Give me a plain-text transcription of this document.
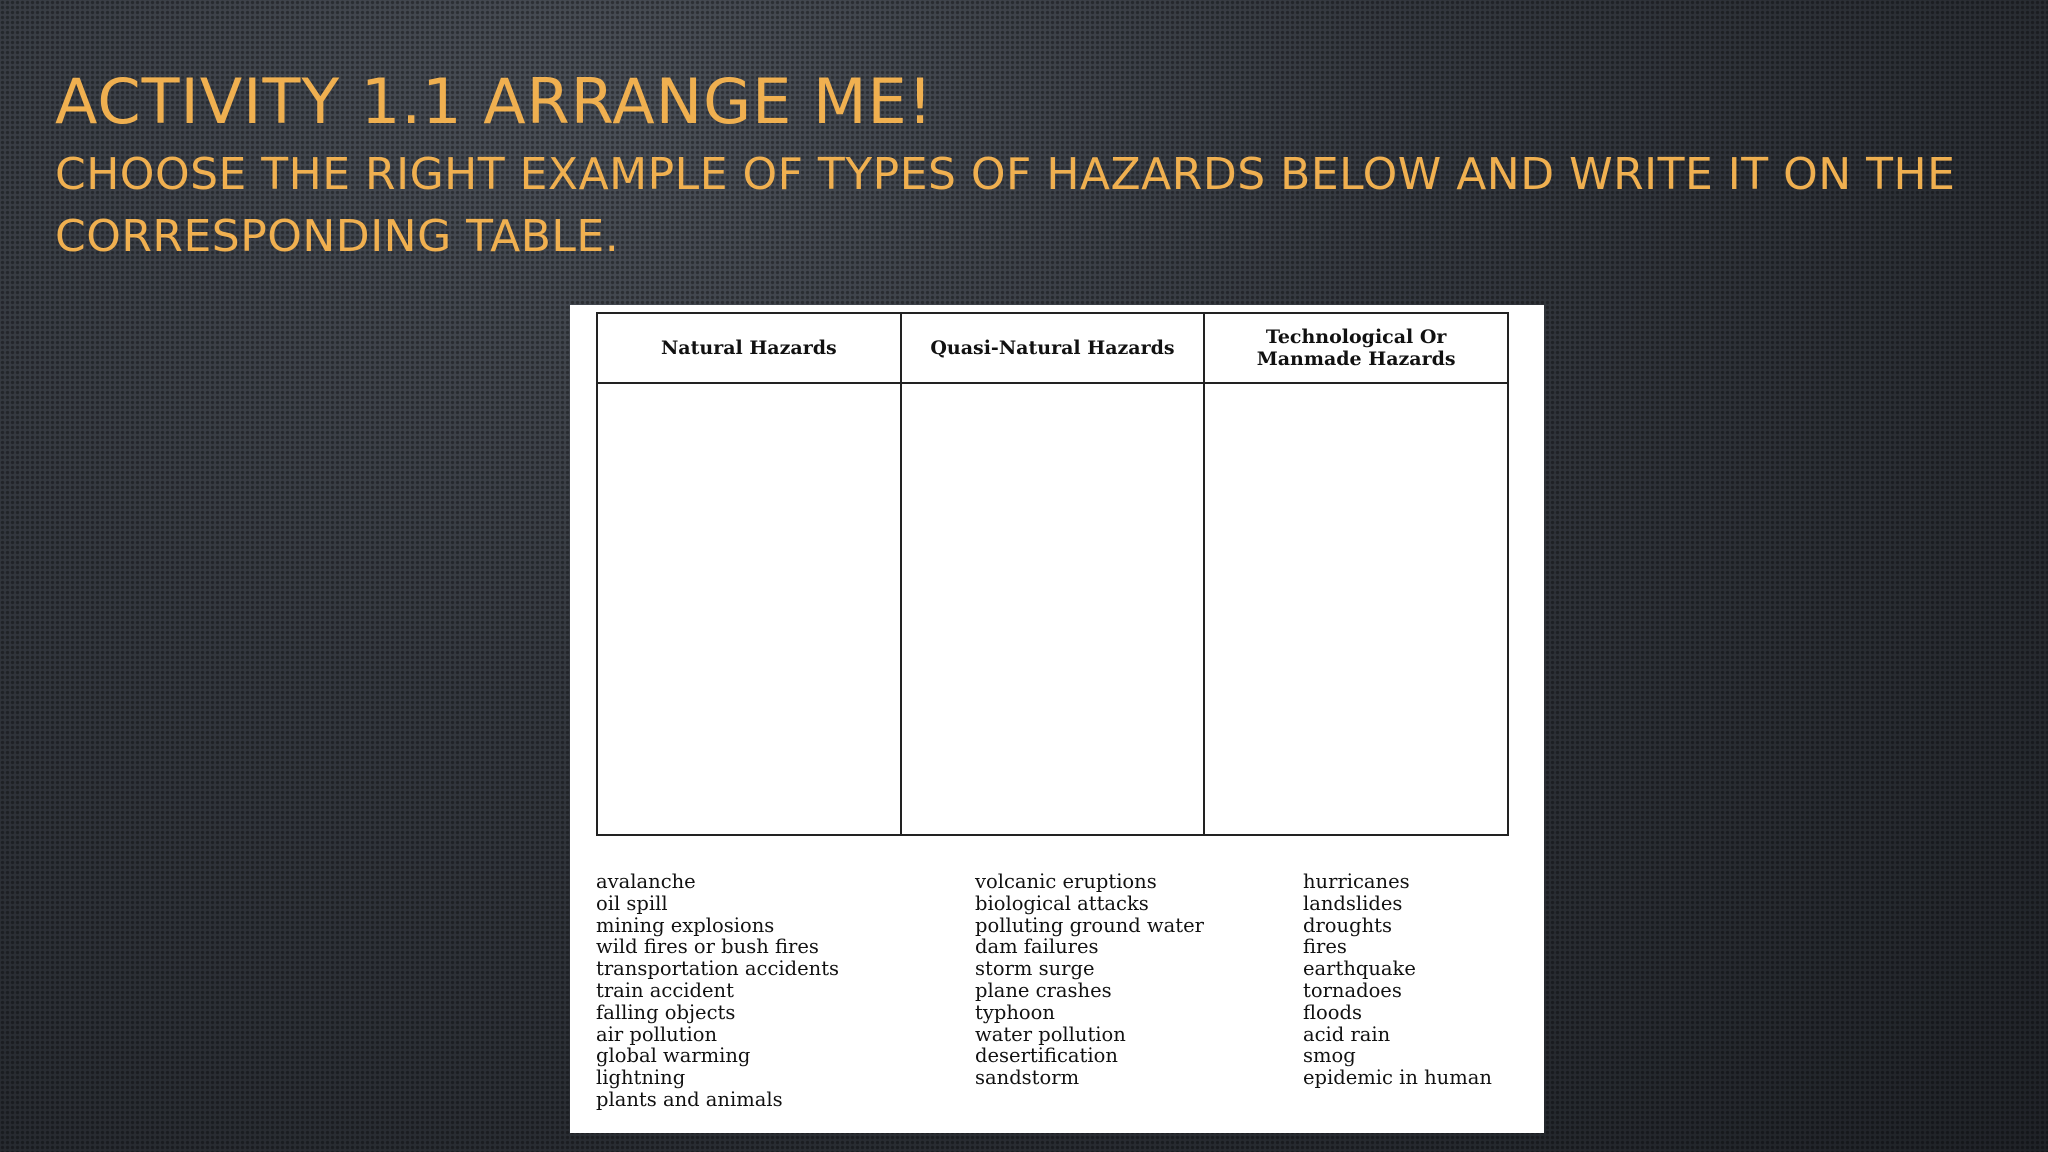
ACTIVITY 1.1 ARRANGE ME!
CHOOSE THE RIGHT EXAMPLE OF TYPES OF HAZARDS BELOW AND WRITE IT ON THE CORRESPONDING TABLE.
Natural Hazards	Quasi-Natural Hazards	Technological Or Manmade Hazards

avalanche
oil spill
mining explosions
wild fires or bush fires
transportation accidents
train accident
falling objects
air pollution
global warming
lightning
plants and animals
volcanic eruptions
biological attacks
polluting ground water
dam failures
storm surge
plane crashes
typhoon
water pollution
desertification
sandstorm
hurricanes
landslides
droughts
fires
earthquake
tornadoes
floods
acid rain
smog
epidemic in human
